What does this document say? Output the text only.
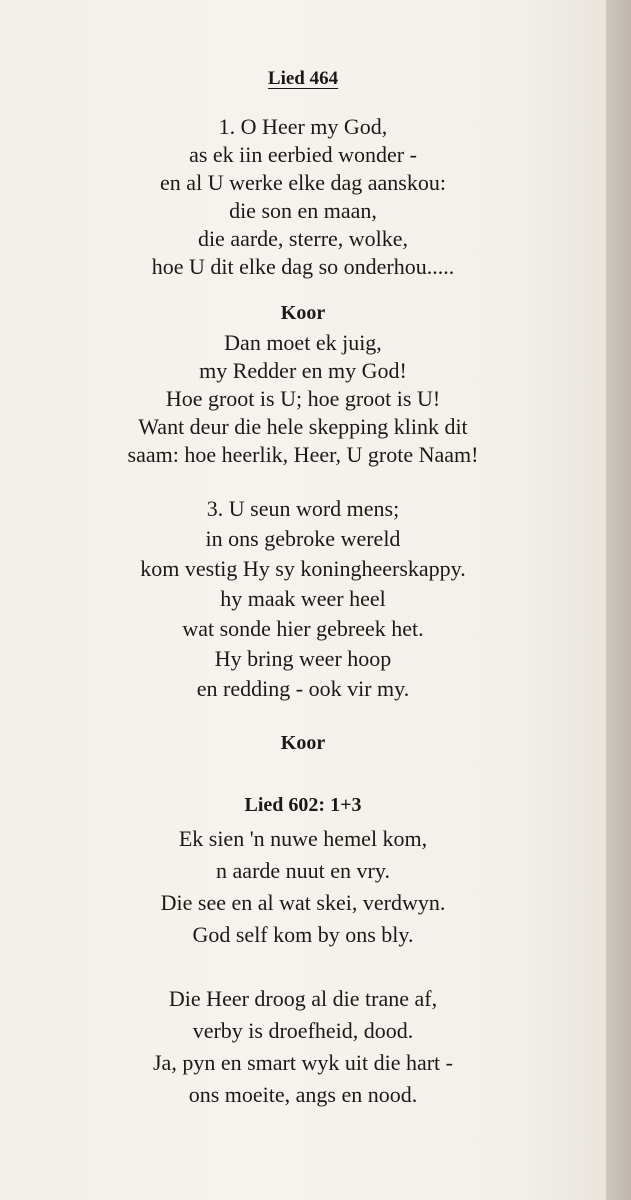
Lied 464
1. O Heer my God,
as ek iin eerbied wonder -
en al U werke elke dag aanskou:
die son en maan,
die aarde, sterre, wolke,
hoe U dit elke dag so onderhou.....
Koor
Dan moet ek juig,
my Redder en my God!
Hoe groot is U; hoe groot is U!
Want deur die hele skepping klink dit
saam: hoe heerlik, Heer, U grote Naam!
3. U seun word mens;
in ons gebroke wereld
kom vestig Hy sy koningheerskappy.
hy maak weer heel
wat sonde hier gebreek het.
Hy bring weer hoop
en redding - ook vir my.
Koor
Lied 602: 1+3
Ek sien 'n nuwe hemel kom,
n aarde nuut en vry.
Die see en al wat skei, verdwyn.
God self kom by ons bly.
Die Heer droog al die trane af,
verby is droefheid, dood.
Ja, pyn en smart wyk uit die hart -
ons moeite, angs en nood.
